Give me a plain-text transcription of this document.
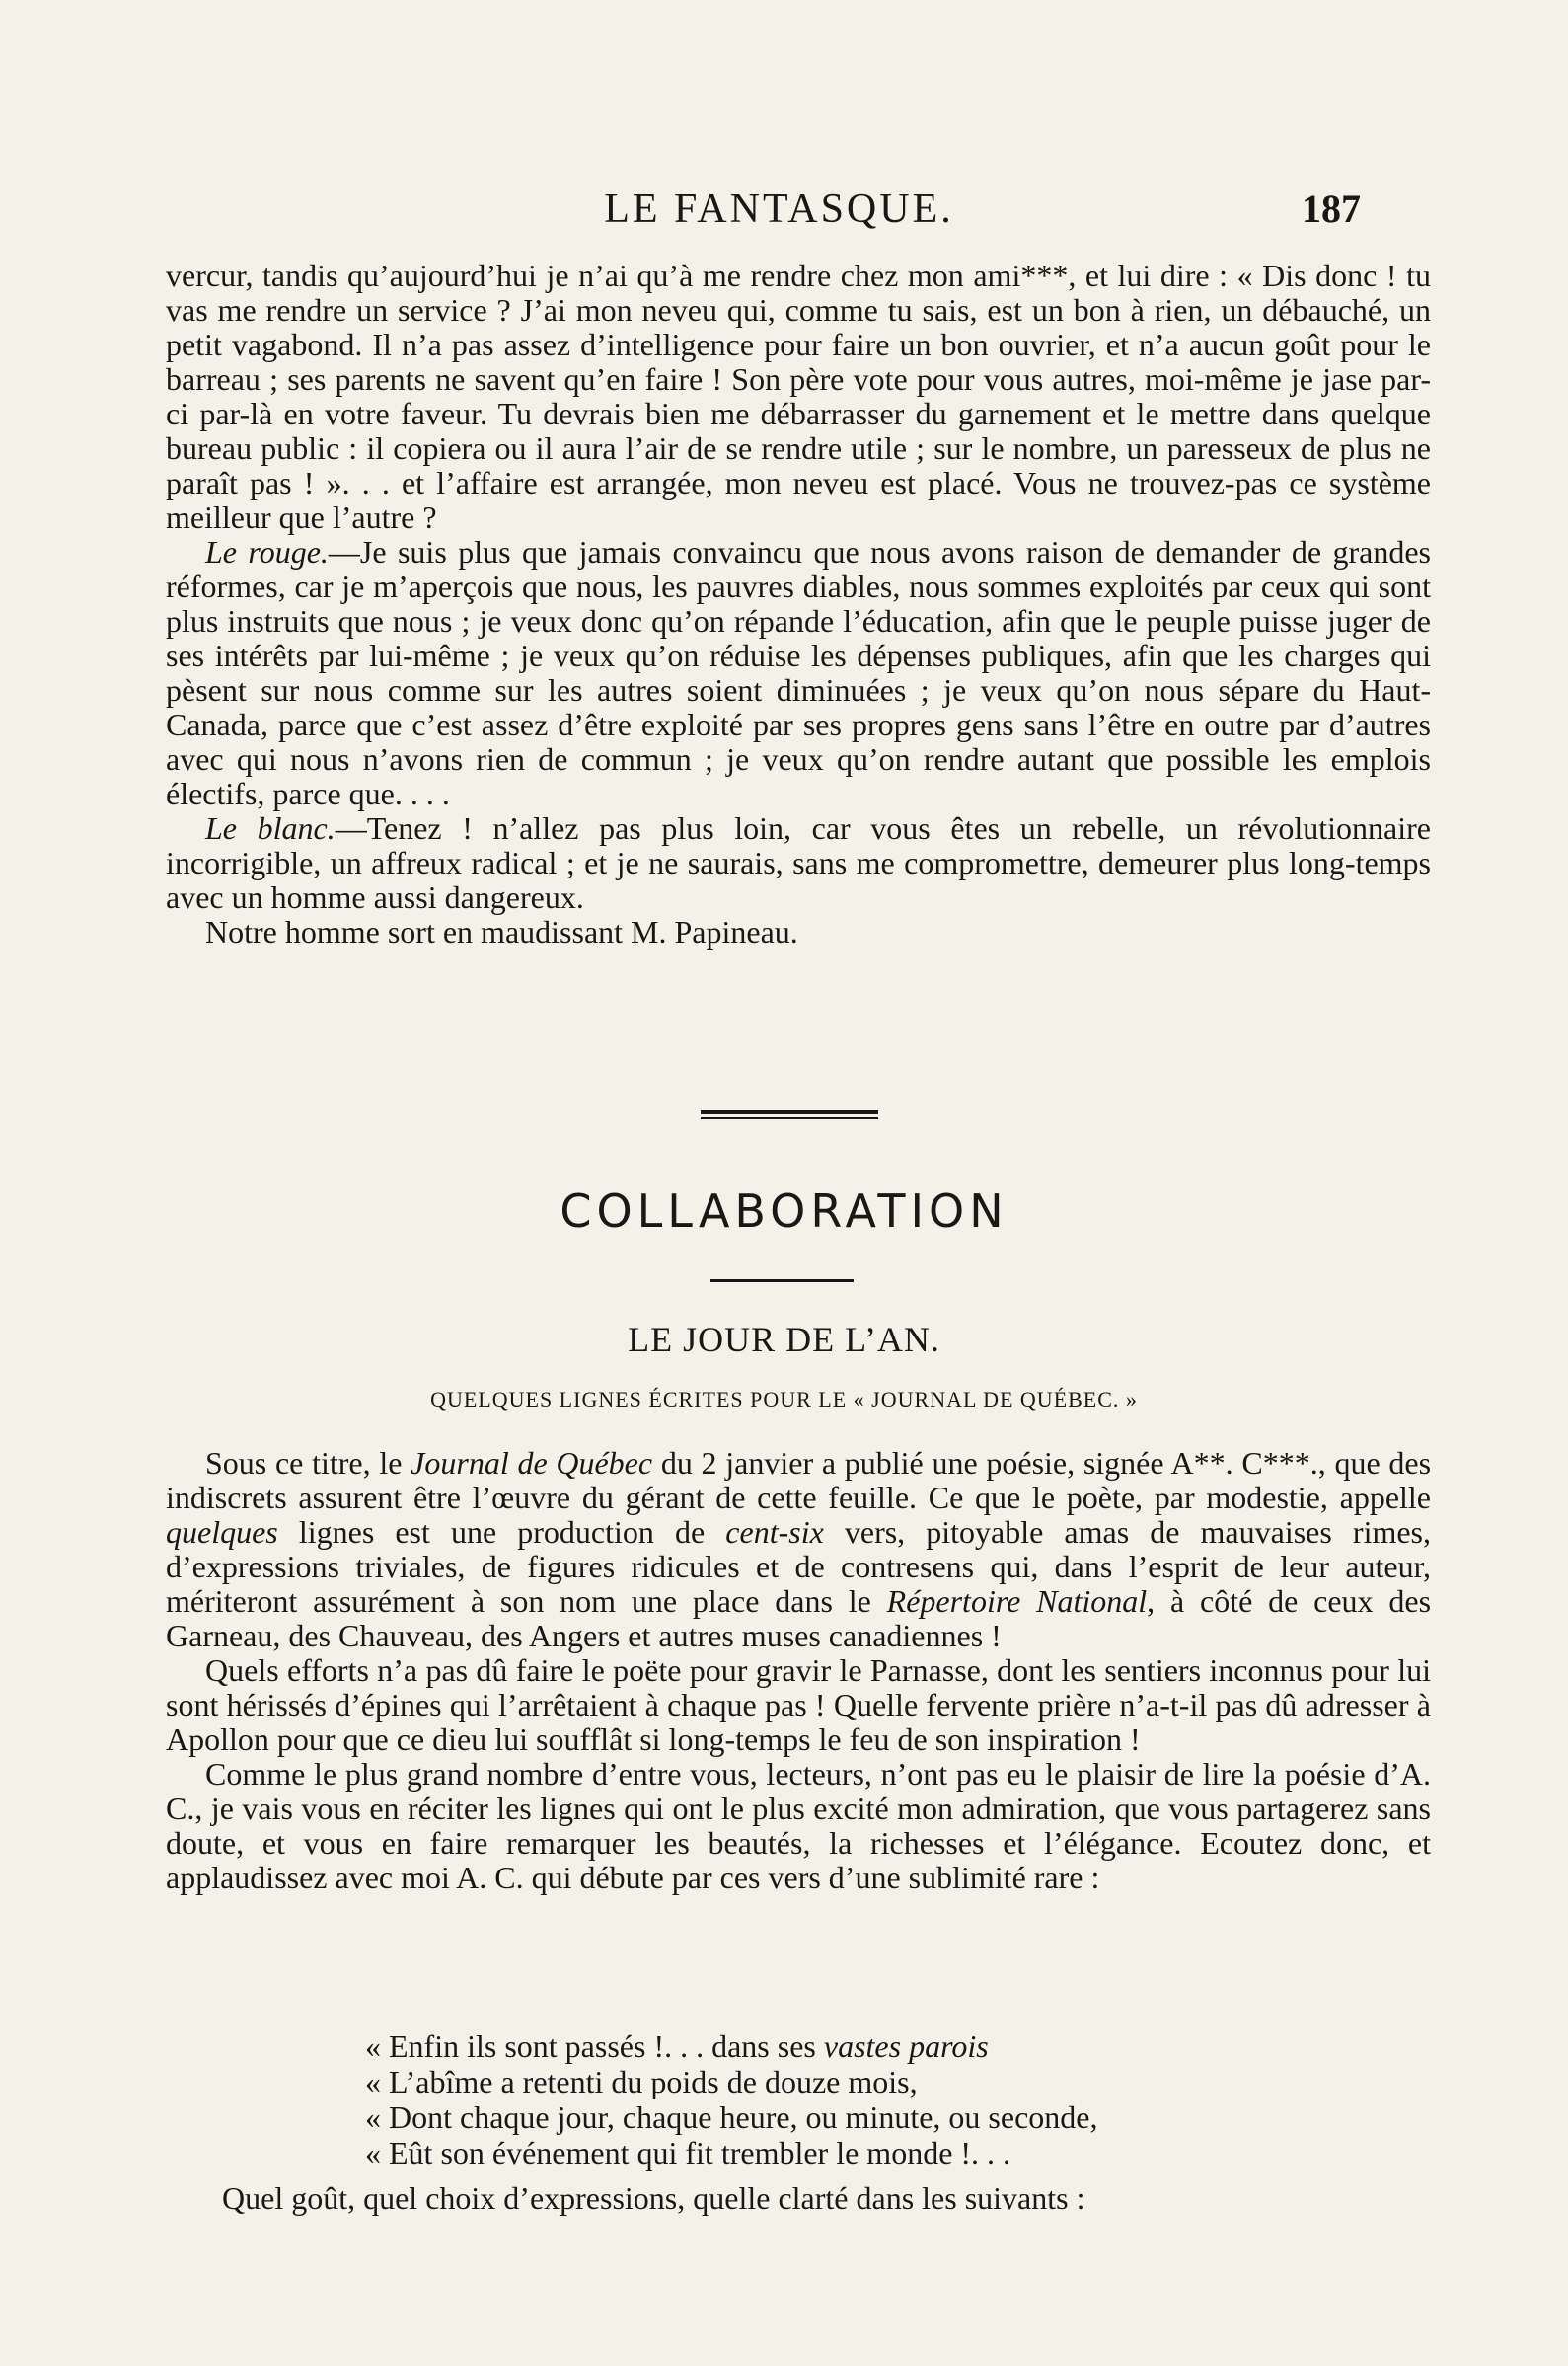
LE FANTASQUE.	187

vercur, tandis qu’aujourd’hui je n’ai qu’à me rendre chez mon ami***, et lui dire : « Dis donc ! tu vas me rendre un service ? J’ai mon neveu qui, comme tu sais, est un bon à rien, un débauché, un petit vagabond. Il n’a pas assez d’intelligence pour faire un bon ouvrier, et n’a aucun goût pour le barreau ; ses parents ne savent qu’en faire ! Son père vote pour vous autres, moi-même je jase par-ci par-là en votre faveur. Tu devrais bien me débarrasser du garnement et le mettre dans quelque bureau public : il copiera ou il aura l’air de se rendre utile ; sur le nombre, un paresseux de plus ne paraît pas ! ». . . et l’affaire est arrangée, mon neveu est placé. Vous ne trouvez-pas ce système meilleur que l’autre ?

Le rouge.—Je suis plus que jamais convaincu que nous avons raison de demander de grandes réformes, car je m’aperçois que nous, les pauvres diables, nous sommes exploités par ceux qui sont plus instruits que nous ; je veux donc qu’on répande l’éducation, afin que le peuple puisse juger de ses intérêts par lui-même ; je veux qu’on réduise les dépenses publiques, afin que les charges qui pèsent sur nous comme sur les autres soient diminuées ; je veux qu’on nous sépare du Haut-Canada, parce que c’est assez d’être exploité par ses propres gens sans l’être en outre par d’autres avec qui nous n’avons rien de commun ; je veux qu’on rendre autant que possible les emplois électifs, parce que. . . .

Le blanc.—Tenez ! n’allez pas plus loin, car vous êtes un rebelle, un révolutionnaire incorrigible, un affreux radical ; et je ne saurais, sans me compromettre, demeurer plus long-temps avec un homme aussi dangereux.

Notre homme sort en maudissant M. Papineau.

COLLABORATION
LE JOUR DE L’AN.
QUELQUES LIGNES ÉCRITES POUR LE « JOURNAL DE QUÉBEC. »

Sous ce titre, le Journal de Québec du 2 janvier a publié une poésie, signée A**. C***., que des indiscrets assurent être l’œuvre du gérant de cette feuille. Ce que le poète, par modestie, appelle quelques lignes est une production de cent-six vers, pitoyable amas de mauvaises rimes, d’expressions triviales, de figures ridicules et de contresens qui, dans l’esprit de leur auteur, mériteront assurément à son nom une place dans le Répertoire National, à côté de ceux des Garneau, des Chauveau, des Angers et autres muses canadiennes !

Quels efforts n’a pas dû faire le poëte pour gravir le Parnasse, dont les sentiers inconnus pour lui sont hérissés d’épines qui l’arrêtaient à chaque pas ! Quelle fervente prière n’a-t-il pas dû adresser à Apollon pour que ce dieu lui soufflât si long-temps le feu de son inspiration !

Comme le plus grand nombre d’entre vous, lecteurs, n’ont pas eu le plaisir de lire la poésie d’A. C., je vais vous en réciter les lignes qui ont le plus excité mon admiration, que vous partagerez sans doute, et vous en faire remarquer les beautés, la richesses et l’élégance. Ecoutez donc, et applaudissez avec moi A. C. qui débute par ces vers d’une sublimité rare :

« Enfin ils sont passés !. . . dans ses vastes parois

« L’abîme a retenti du poids de douze mois,

« Dont chaque jour, chaque heure, ou minute, ou seconde,

« Eût son événement qui fit trembler le monde !. . .

Quel goût, quel choix d’expressions, quelle clarté dans les suivants :
